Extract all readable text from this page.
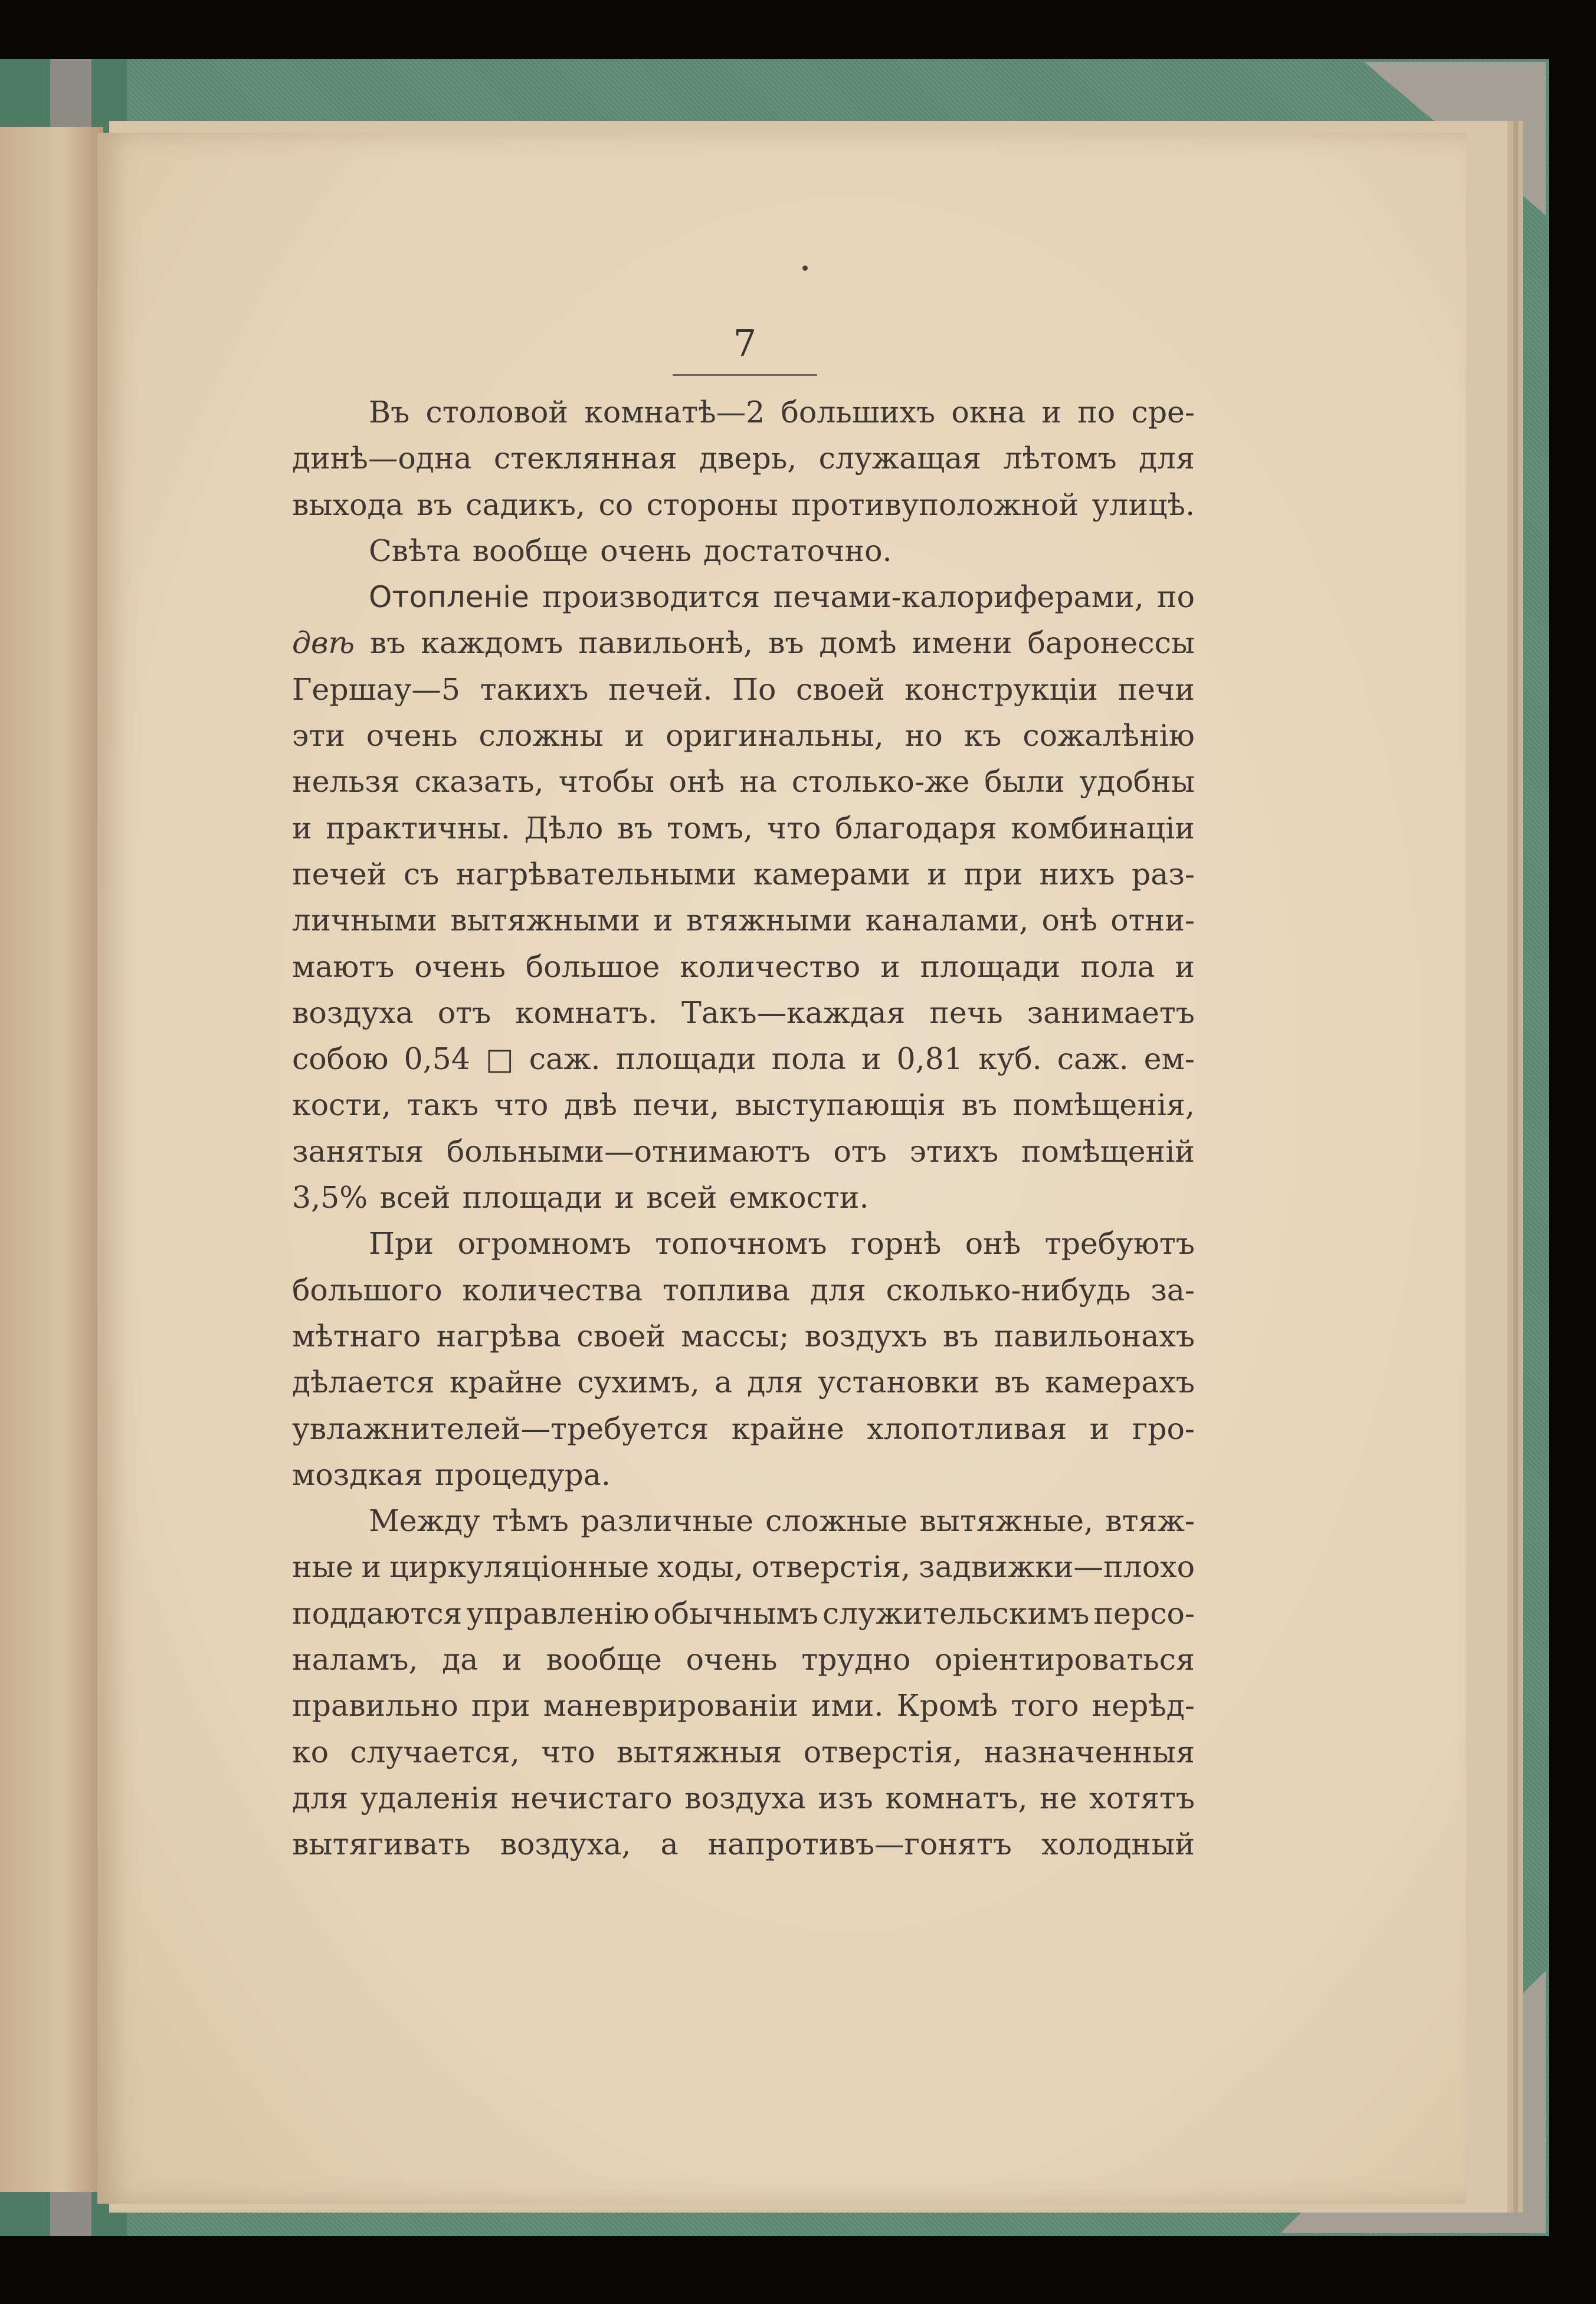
7
Въ столовой комнатѣ—2 большихъ окна и по сре-
динѣ—одна стеклянная дверь, служащая лѣтомъ для
выхода въ садикъ, со стороны противуположной улицѣ.
Свѣта вообще очень достаточно.
Отопленіе производится печами-калориферами, по
двѣ въ каждомъ павильонѣ, въ домѣ имени баронессы
Гершау—5 такихъ печей. По своей конструкціи печи
эти очень сложны и оригинальны, но къ сожалѣнію
нельзя сказать, чтобы онѣ на столько-же были удобны
и практичны. Дѣло въ томъ, что благодаря комбинаціи
печей съ нагрѣвательными камерами и при нихъ раз-
личными вытяжными и втяжными каналами, онѣ отни-
маютъ очень большое количество и площади пола и
воздуха отъ комнатъ. Такъ—каждая печь занимаетъ
собою 0,54 □ саж. площади пола и 0,81 куб. саж. ем-
кости, такъ что двѣ печи, выступающія въ помѣщенія,
занятыя больными—отнимаютъ отъ этихъ помѣщеній
3,5% всей площади и всей емкости.
При огромномъ топочномъ горнѣ онѣ требуютъ
большого количества топлива для сколько-нибудь за-
мѣтнаго нагрѣва своей массы; воздухъ въ павильонахъ
дѣлается крайне сухимъ, а для установки въ камерахъ
увлажнителей—требуется крайне хлопотливая и гро-
моздкая процедура.
Между тѣмъ различные сложные вытяжные, втяж-
ные и циркуляціонные ходы, отверстія, задвижки—плохо
поддаются управленію обычнымъ служительскимъ персо-
наламъ, да и вообще очень трудно оріентироваться
правильно при маневрированіи ими. Кромѣ того нерѣд-
ко случается, что вытяжныя отверстія, назначенныя
для удаленія нечистаго воздуха изъ комнатъ, не хотятъ
вытягивать воздуха, а напротивъ—гонятъ холодный
